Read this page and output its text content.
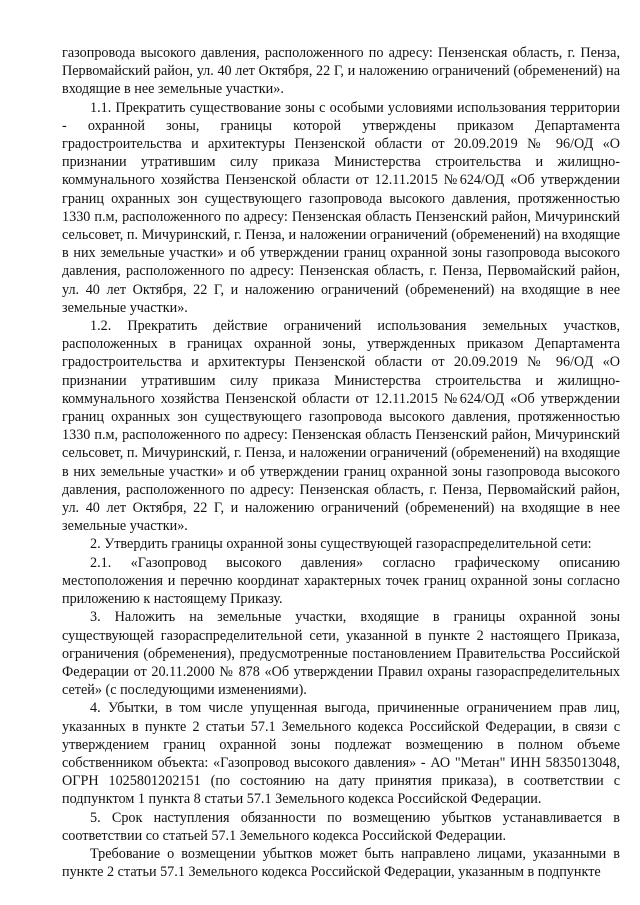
газопровода высокого давления, расположенного по адресу: Пензенская область, г. Пенза, Первомайский район, ул. 40 лет Октября, 22 Г, и наложению ограничений (обременений) на входящие в нее земельные участки».

1.1. Прекратить существование зоны с особыми условиями использования территории - охранной зоны, границы которой утверждены приказом Департамента градостроительства и архитектуры Пензенской области от 20.09.2019 № 96/ОД «О признании утратившим силу приказа Министерства строительства и жилищно-коммунального хозяйства Пензенской области от 12.11.2015 №624/ОД «Об утверждении границ охранных зон существующего газопровода высокого давления, протяженностью 1330 п.м, расположенного по адресу: Пензенская область Пензенский район, Мичуринский сельсовет, п. Мичуринский, г. Пенза, и наложении ограничений (обременений) на входящие в них земельные участки» и об утверждении границ охранной зоны газопровода высокого давления, расположенного по адресу: Пензенская область, г. Пенза, Первомайский район, ул. 40 лет Октября, 22 Г, и наложению ограничений (обременений) на входящие в нее земельные участки».

1.2. Прекратить действие ограничений использования земельных участков, расположенных в границах охранной зоны, утвержденных приказом Департамента градостроительства и архитектуры Пензенской области от 20.09.2019 № 96/ОД «О признании утратившим силу приказа Министерства строительства и жилищно-коммунального хозяйства Пензенской области от 12.11.2015 №624/ОД «Об утверждении границ охранных зон существующего газопровода высокого давления, протяженностью 1330 п.м, расположенного по адресу: Пензенская область Пензенский район, Мичуринский сельсовет, п. Мичуринский, г. Пенза, и наложении ограничений (обременений) на входящие в них земельные участки» и об утверждении границ охранной зоны газопровода высокого давления, расположенного по адресу: Пензенская область, г. Пенза, Первомайский район, ул. 40 лет Октября, 22 Г, и наложению ограничений (обременений) на входящие в нее земельные участки».

2. Утвердить границы охранной зоны существующей газораспределительной сети:

2.1. «Газопровод высокого давления» согласно графическому описанию местоположения и перечню координат характерных точек границ охранной зоны согласно приложению к настоящему Приказу.

3. Наложить на земельные участки, входящие в границы охранной зоны существующей газораспределительной сети, указанной в пункте 2 настоящего Приказа, ограничения (обременения), предусмотренные постановлением Правительства Российской Федерации от 20.11.2000 № 878 «Об утверждении Правил охраны газораспределительных сетей» (с последующими изменениями).

4. Убытки, в том числе упущенная выгода, причиненные ограничением прав лиц, указанных в пункте 2 статьи 57.1 Земельного кодекса Российской Федерации, в связи с утверждением границ охранной зоны подлежат возмещению в полном объеме собственником объекта: «Газопровод высокого давления» - АО "Метан" ИНН 5835013048, ОГРН 1025801202151 (по состоянию на дату принятия приказа), в соответствии с подпунктом 1 пункта 8 статьи 57.1 Земельного кодекса Российской Федерации.

5. Срок наступления обязанности по возмещению убытков устанавливается в соответствии со статьей 57.1 Земельного кодекса Российской Федерации.

Требование о возмещении убытков может быть направлено лицами, указанными в пункте 2 статьи 57.1 Земельного кодекса Российской Федерации, указанным в подпункте
